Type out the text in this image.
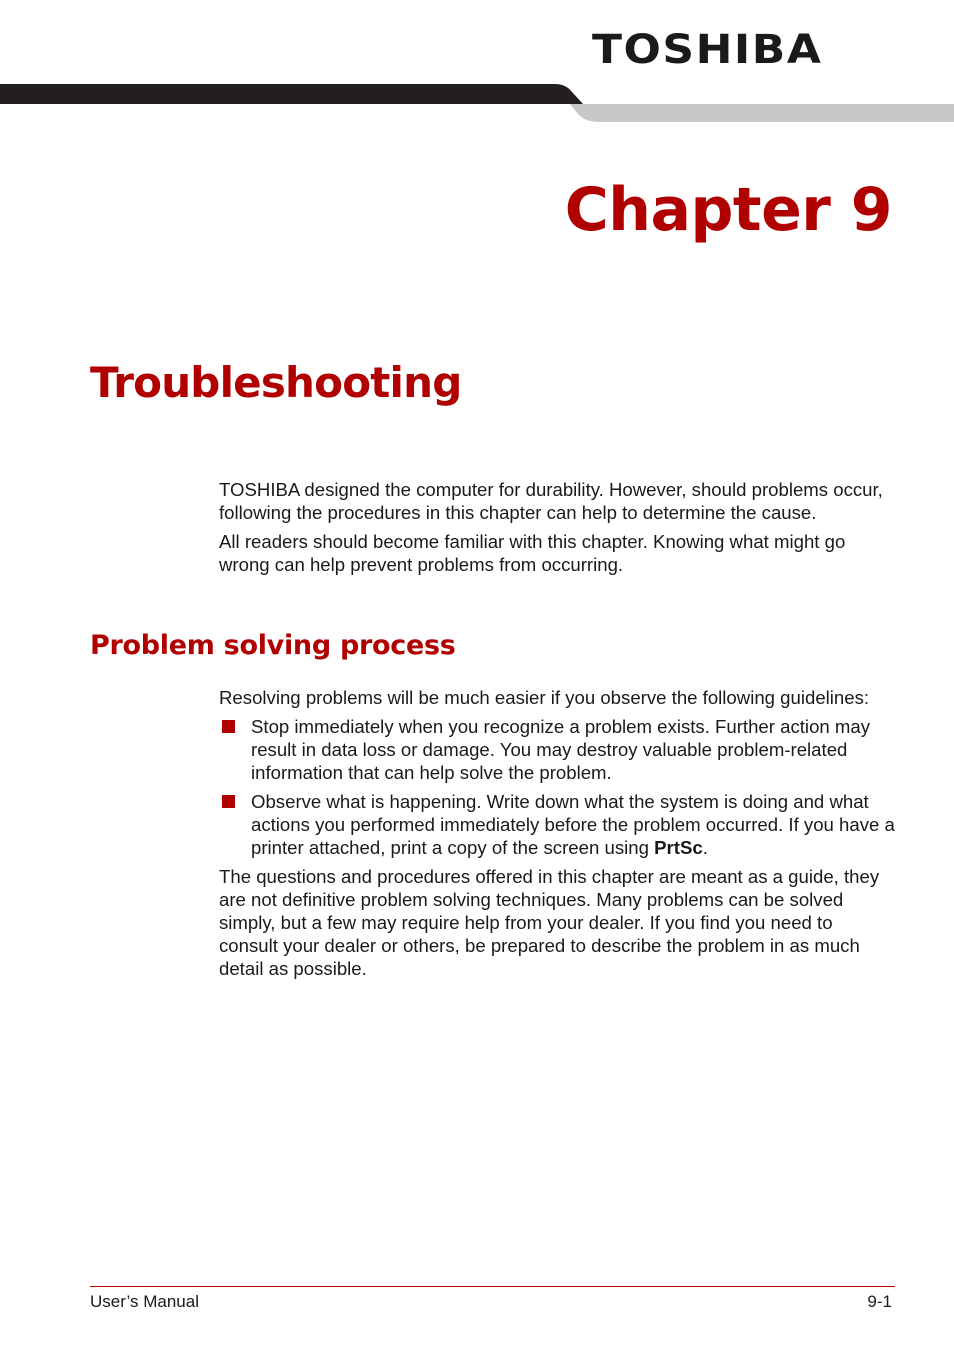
TOSHIBA
Chapter 9
Troubleshooting

TOSHIBA designed the computer for durability. However, should problems occur, following the procedures in this chapter can help to determine the cause.

All readers should become familiar with this chapter. Knowing what might go wrong can help prevent problems from occurring.

Problem solving process

Resolving problems will be much easier if you observe the following guidelines:

Stop immediately when you recognize a problem exists. Further action may result in data loss or damage. You may destroy valuable problem-related information that can help solve the problem.
Observe what is happening. Write down what the system is doing and what actions you performed immediately before the problem occurred. If you have a printer attached, print a copy of the screen using PrtSc.

The questions and procedures offered in this chapter are meant as a guide, they are not definitive problem solving techniques. Many problems can be solved simply, but a few may require help from your dealer. If you find you need to consult your dealer or others, be prepared to describe the problem in as much detail as possible.

User’s Manual	9-1
